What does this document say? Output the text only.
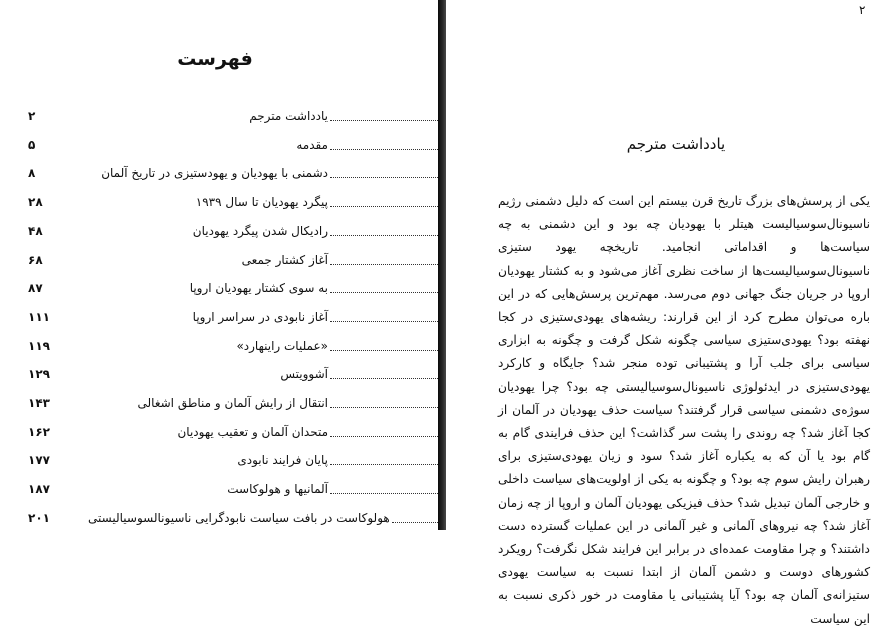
فهرست
۲	یادداشت مترجم
۵	مقدمه
۸	دشمنی با یهودیان و یهودستیزی در تاریخ آلمان
۲۸	پیگرد یهودیان تا سال ۱۹۳۹
۴۸	رادیکال شدن پیگرد یهودیان
۶۸	آغاز کشتار جمعی
۸۷	به سوی کشتار یهودیان اروپا
۱۱۱	آغاز نابودی در سراسر اروپا
۱۱۹	«عملیات راینهارد»
۱۲۹	آشوویتس
۱۴۳	انتقال از رایش آلمان و مناطق اشغالی
۱۶۲	متحدان آلمان و تعقیب یهودیان
۱۷۷	پایان فرایند نابودی
۱۸۷	آلمانیها و هولوکاست
۲۰۱	هولوکاست در بافت سیاست نابودگرایی ناسیونالسوسیالیستی
۲
یادداشت مترجم

یکی از پرسش‌های بزرگ تاریخ قرن بیستم این است که دلیل دشمنی رژیم ناسیونال‌سوسیالیست هیتلر با یهودیان چه بود و این دشمنی به چه سیاست‌ها و اقداماتی انجامید. تاریخچه یهود ستیزی ناسیونال‌سوسیالیست‌ها از ساخت نظری آغاز می‌شود و به کشتار یهودیان اروپا در جریان جنگ جهانی دوم می‌رسد. مهم‌ترین پرسش‌هایی که در این باره می‌توان مطرح کرد از این قرارند: ریشه‌های یهودی‌ستیزی در کجا نهفته بود؟ یهودی‌ستیزی سیاسی چگونه شکل گرفت و چگونه به ابزاری سیاسی برای جلب آرا و پشتیبانی توده منجر شد؟ جایگاه و کارکرد یهودی‌ستیزی در ایدئولوژی ناسیونال‌سوسیالیستی چه بود؟ چرا یهودیان سوژه‌ی دشمنی سیاسی قرار گرفتند؟ سیاست حذف یهودیان در آلمان از کجا آغاز شد؟ چه روندی را پشت سر گذاشت؟ این حذف فرایندی گام به گام بود یا آن که به یکباره آغاز شد؟ سود و زیان یهودی‌ستیزی برای رهبران رایش سوم چه بود؟ و چگونه به یکی از اولویت‌های سیاست داخلی و خارجی آلمان تبدیل شد؟ حذف فیزیکی یهودیان آلمان و اروپا از چه زمان آغاز شد؟ چه نیروهای آلمانی و غیر آلمانی در این عملیات گسترده دست داشتند؟ و چرا مقاومت عمده‌ای در برابر این فرایند شکل نگرفت؟ رویکرد کشورهای دوست و دشمن آلمان از ابتدا نسبت به سیاست یهودی ستیزانه‌ی آلمان چه بود؟ آیا پشتیبانی یا مقاومت در خور ذکری نسبت به این سیاست
